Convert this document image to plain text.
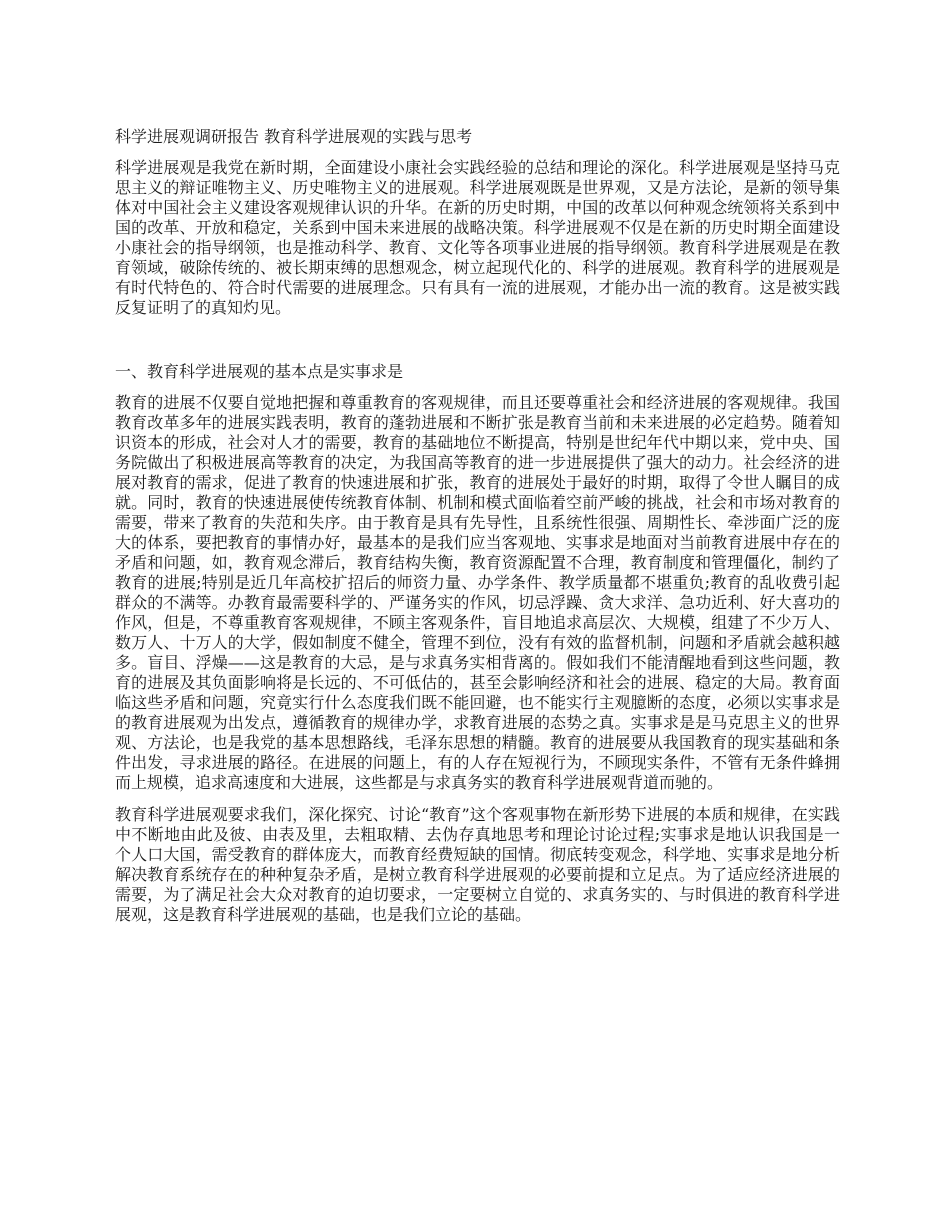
科学进展观调研报告 教育科学进展观的实践与思考

科学进展观是我党在新时期，全面建设小康社会实践经验的总结和理论的深化。科学进展观是坚持马克思主义的辩证唯物主义、历史唯物主义的进展观。科学进展观既是世界观，又是方法论，是新的领导集体对中国社会主义建设客观规律认识的升华。在新的历史时期，中国的改革以何种观念统领将关系到中国的改革、开放和稳定，关系到中国未来进展的战略决策。科学进展观不仅是在新的历史时期全面建设小康社会的指导纲领，也是推动科学、教育、文化等各项事业进展的指导纲领。教育科学进展观是在教育领域，破除传统的、被长期束缚的思想观念，树立起现代化的、科学的进展观。教育科学的进展观是有时代特色的、符合时代需要的进展理念。只有具有一流的进展观，才能办出一流的教育。这是被实践反复证明了的真知灼见。

一、教育科学进展观的基本点是实事求是

教育的进展不仅要自觉地把握和尊重教育的客观规律，而且还要尊重社会和经济进展的客观规律。我国教育改革多年的进展实践表明，教育的蓬勃进展和不断扩张是教育当前和未来进展的必定趋势。随着知识资本的形成，社会对人才的需要，教育的基础地位不断提高，特别是世纪年代中期以来，党中央、国务院做出了积极进展高等教育的决定，为我国高等教育的进一步进展提供了强大的动力。社会经济的进展对教育的需求，促进了教育的快速进展和扩张，教育的进展处于最好的时期，取得了令世人瞩目的成就。同时，教育的快速进展使传统教育体制、机制和模式面临着空前严峻的挑战，社会和市场对教育的需要，带来了教育的失范和失序。由于教育是具有先导性，且系统性很强、周期性长、牵涉面广泛的庞大的体系，要把教育的事情办好，最基本的是我们应当客观地、实事求是地面对当前教育进展中存在的矛盾和问题，如，教育观念滞后，教育结构失衡，教育资源配置不合理，教育制度和管理僵化，制约了教育的进展;特别是近几年高校扩招后的师资力量、办学条件、教学质量都不堪重负;教育的乱收费引起群众的不满等。办教育最需要科学的、严谨务实的作风，切忌浮躁、贪大求洋、急功近利、好大喜功的作风，但是，不尊重教育客观规律，不顾主客观条件，盲目地追求高层次、大规模，组建了不少万人、数万人、十万人的大学，假如制度不健全，管理不到位，没有有效的监督机制，问题和矛盾就会越积越多。盲目、浮燥——这是教育的大忌，是与求真务实相背离的。假如我们不能清醒地看到这些问题，教育的进展及其负面影响将是长远的、不可低估的，甚至会影响经济和社会的进展、稳定的大局。教育面临这些矛盾和问题，究竟实行什么态度我们既不能回避，也不能实行主观臆断的态度，必须以实事求是的教育进展观为出发点，遵循教育的规律办学，求教育进展的态势之真。实事求是是马克思主义的世界观、方法论，也是我党的基本思想路线，毛泽东思想的精髓。教育的进展要从我国教育的现实基础和条件出发，寻求进展的路径。在进展的问题上，有的人存在短视行为，不顾现实条件，不管有无条件蜂拥而上规模，追求高速度和大进展，这些都是与求真务实的教育科学进展观背道而驰的。

教育科学进展观要求我们，深化探究、讨论“教育”这个客观事物在新形势下进展的本质和规律，在实践中不断地由此及彼、由表及里，去粗取精、去伪存真地思考和理论讨论过程;实事求是地认识我国是一个人口大国，需受教育的群体庞大，而教育经费短缺的国情。彻底转变观念，科学地、实事求是地分析解决教育系统存在的种种复杂矛盾，是树立教育科学进展观的必要前提和立足点。为了适应经济进展的需要，为了满足社会大众对教育的迫切要求，一定要树立自觉的、求真务实的、与时俱进的教育科学进展观，这是教育科学进展观的基础，也是我们立论的基础。
